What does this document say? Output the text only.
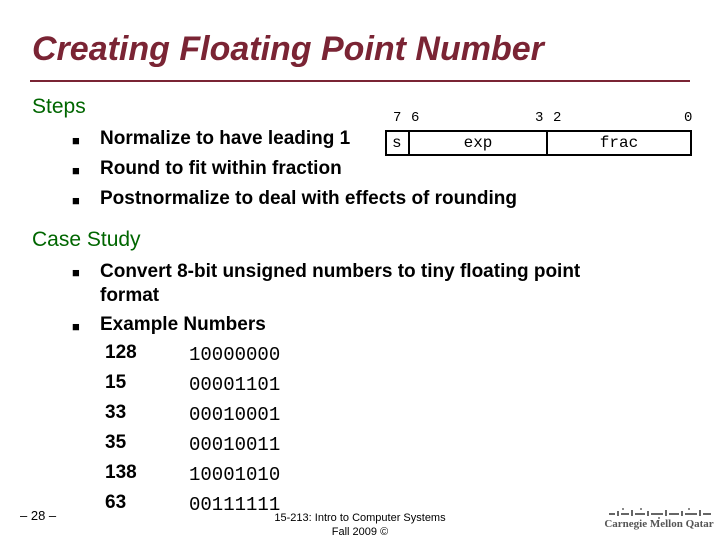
Creating Floating Point Number
Steps
■ Normalize to have leading 1
■ Round to fit within fraction
■ Postnormalize to deal with effects of rounding
7 6	3 2	0
s	exp	frac
Case Study
■ Convert 8-bit unsigned numbers to tiny floating point format
■ Example Numbers
128	10000000
15	00001101
33	00010001
35	00010011
138	10001010
63	00111111
– 28 –	15-213: Intro to Computer Systems
Fall 2009 ©
Carnegie Mellon Qatar
